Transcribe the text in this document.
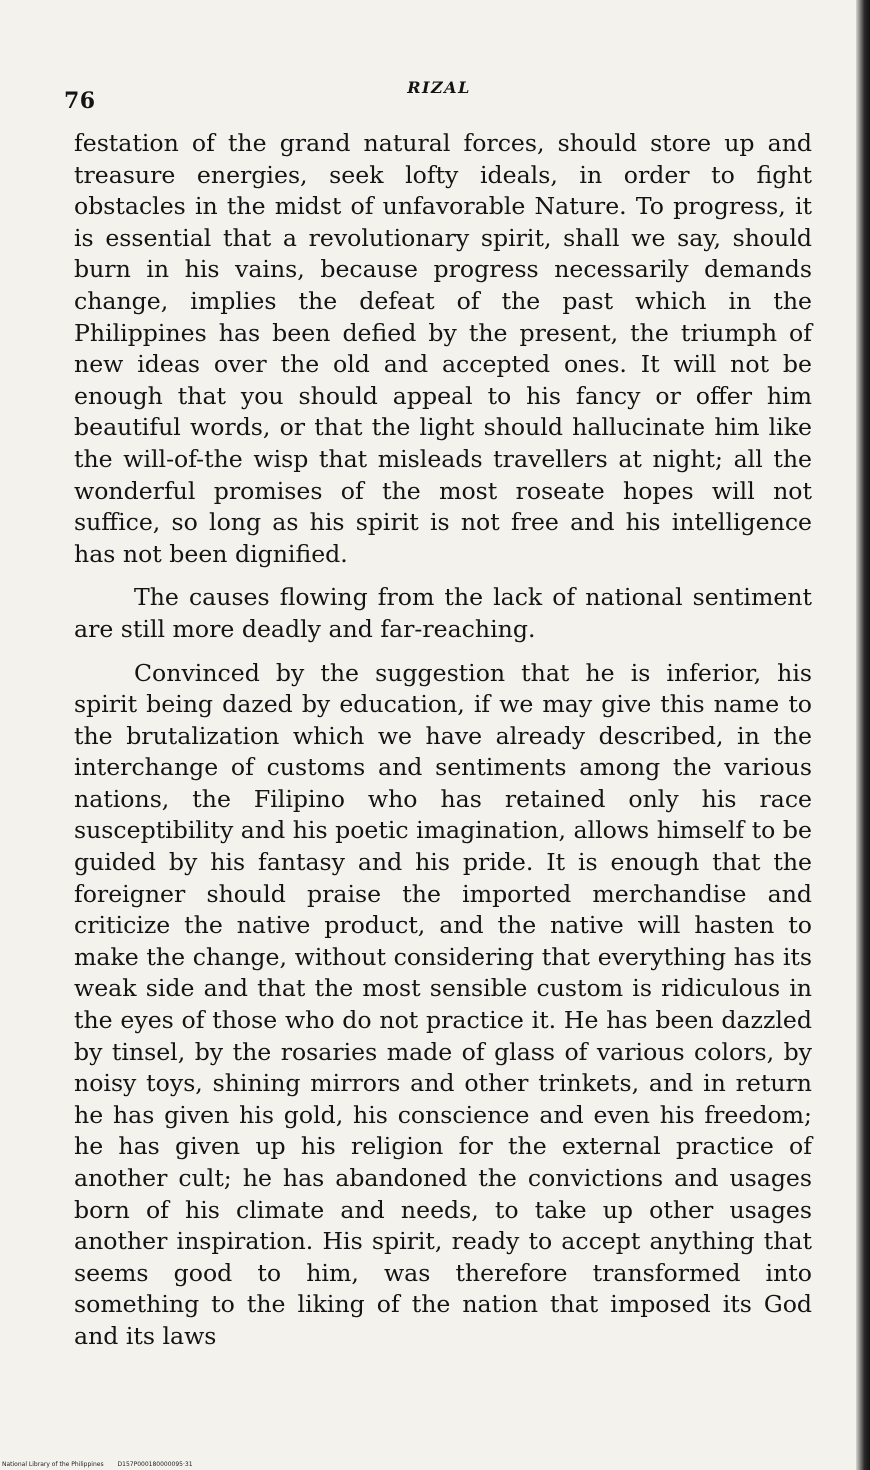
76
RIZAL

festation of the grand natural forces, should store up and treasure energies, seek lofty ideals, in order to fight obstacles in the midst of unfavorable Nature. To progress, it is essential that a revolutionary spirit, shall we say, should burn in his vains, because progress necessarily demands change, implies the defeat of the past which in the Philippines has been defied by the present, the triumph of new ideas over the old and accepted ones. It will not be enough that you should appeal to his fancy or offer him beautiful words, or that the light should hallucinate him like the will-of-the wisp that misleads travellers at night; all the wonderful promises of the most roseate hopes will not suffice, so long as his spirit is not free and his intelligence has not been dignified.

The causes flowing from the lack of national sentiment are still more deadly and far-reaching.

Convinced by the suggestion that he is inferior, his spirit being dazed by education, if we may give this name to the brutalization which we have already described, in the interchange of customs and sentiments among the various nations, the Filipino who has retained only his race susceptibility and his poetic imagination, allows himself to be guided by his fantasy and his pride. It is enough that the foreigner should praise the imported merchandise and criticize the native product, and the native will hasten to make the change, without considering that everything has its weak side and that the most sensible custom is ridiculous in the eyes of those who do not practice it. He has been dazzled by tinsel, by the rosaries made of glass of various colors, by noisy toys, shining mirrors and other trinkets, and in return he has given his gold, his conscience and even his freedom; he has given up his religion for the external practice of another cult; he has abandoned the convictions and usages born of his climate and needs, to take up other usages another inspiration. His spirit, ready to accept anything that seems good to him, was therefore transformed into something to the liking of the nation that imposed its God and its laws

National Library of the Philippines D157P000180000095·31
